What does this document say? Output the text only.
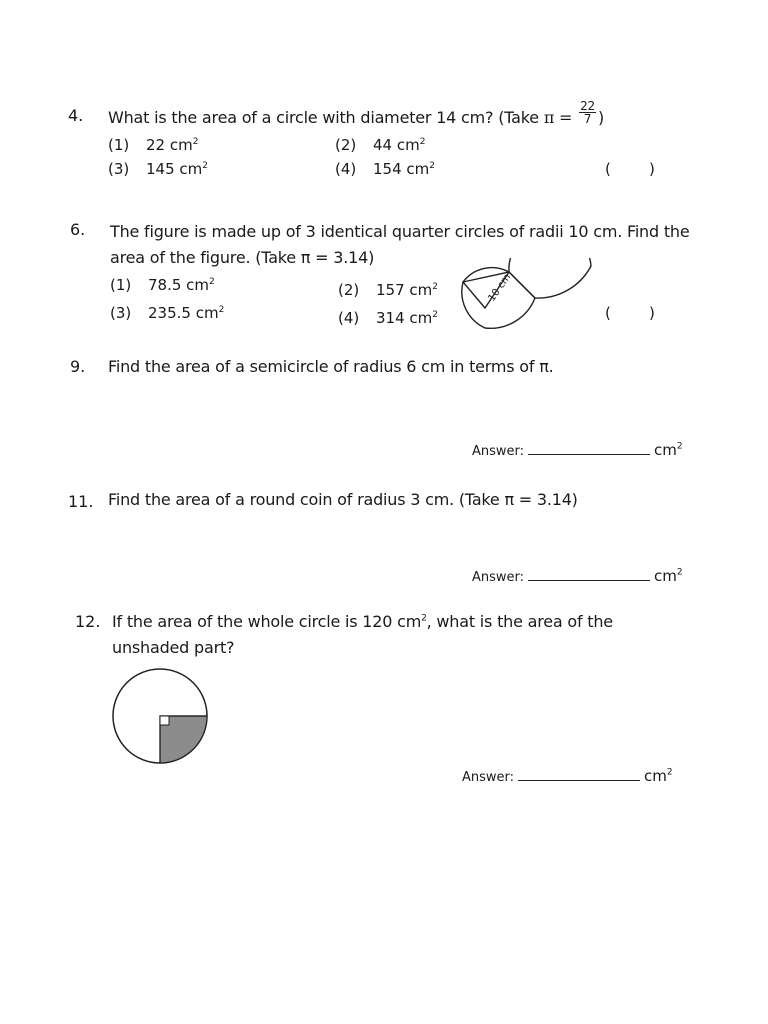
4. What is the area of a circle with diameter 14 cm? (Take $\pi = \frac{22}{7}$ )
(1) 22 $cm^2$	(2) 44 $cm^2$
(3) 145 $cm^2$	(4) 154 $cm^2$	(        )
6. The figure is made up of 3 identical quarter circles of radii 10 cm. Find the
area of the figure. (Take π = 3.14)
(1) 78.5 $cm^2$	(2) 157 $cm^2$
(3) 235.5 $cm^2$	(4) 314 $cm^2$
10 cm
(        )
9. Find the area of a semicircle of radius 6 cm in terms of π.
Answer:	$cm^2$
11. Find the area of a round coin of radius 3 cm. (Take π = 3.14)
Answer:	$cm^2$
12. If the area of the whole circle is 120 $cm^2$, what is the area of the
unshaded part?
Answer:	$cm^2$
